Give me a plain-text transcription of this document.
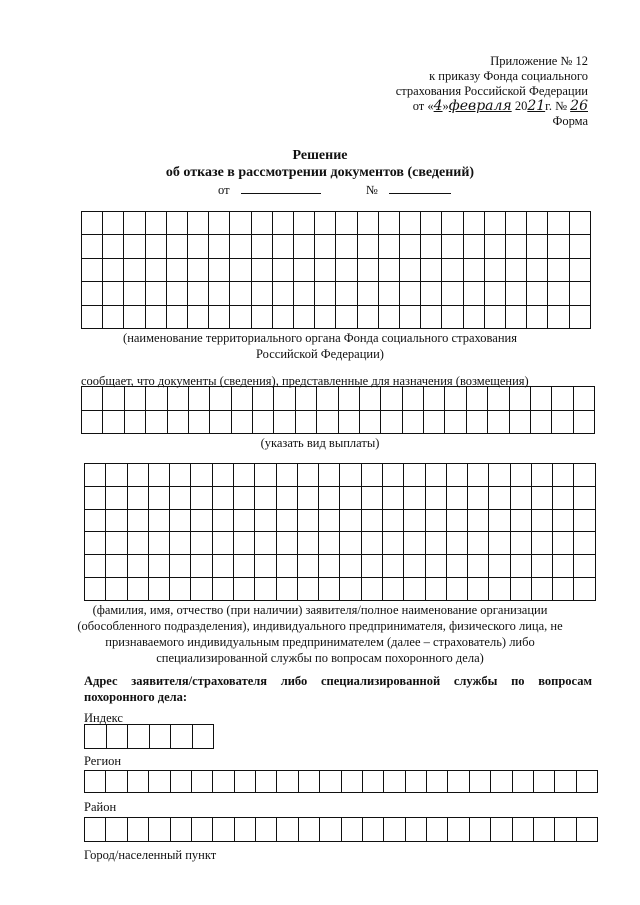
Приложение № 12
к приказу Фонда социального
страхования Российской Федерации
от «4»февраля 2021г. № 26
Форма
Решение
об отказе в рассмотрении документов (сведений)
от	№

(наименование территориального органа Фонда социального страхования
Российской Федерации)
сообщает, что документы (сведения), представленные для назначения (возмещения)

(указать вид выплаты)

(фамилия, имя, отчество (при наличии) заявителя/полное наименование организации
(обособленного подразделения), индивидуального предпринимателя, физического лица, не
признаваемого индивидуальным предпринимателем (далее – страхователь) либо
специализированной службы по вопросам похоронного дела)
Адрес заявителя/страхователя либо специализированной службы по вопросам
похоронного дела:
Индекс

Регион

Район

Город/населенный пункт
